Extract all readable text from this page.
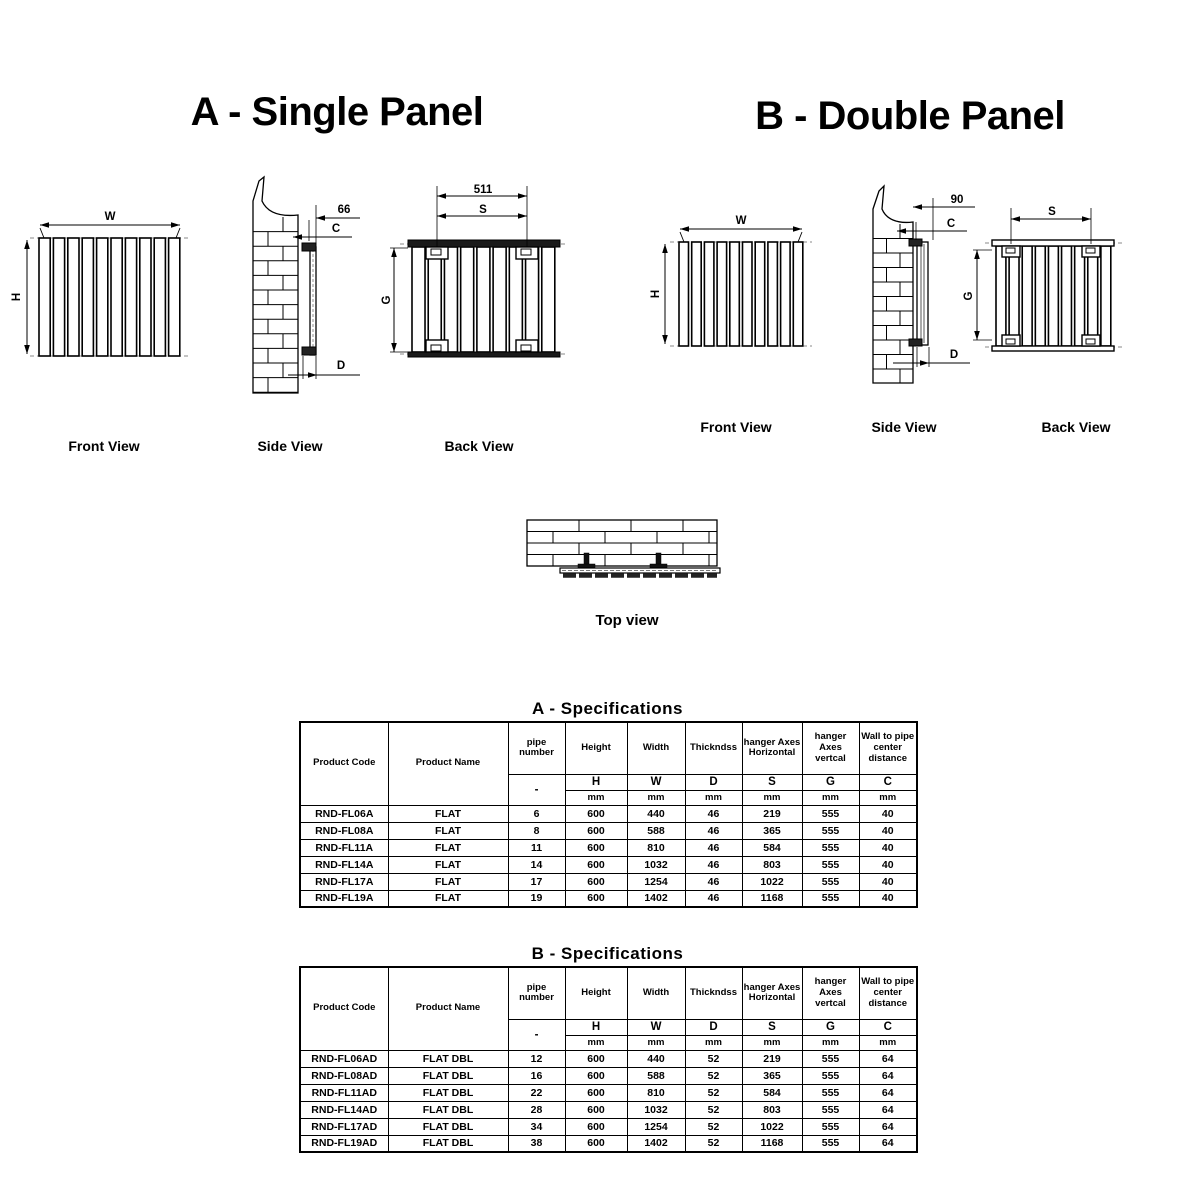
A - Single Panel	B - Double Panel
W
H
66
C
D
511
S
G
Front View	Side View	Back View
W
H
90
C
D
S
G
Front View	Side View	Back View
Top view
A - Specifications
Product Code	Product Name	pipe number	Height	Width	Thickndss	hanger Axes Horizontal	hanger Axes vertcal	Wall to pipe center distance
		-	H	W	D	S	G	C
			mm	mm	mm	mm	mm	mm
RND-FL06A	FLAT	6	600	440	46	219	555	40
RND-FL08A	FLAT	8	600	588	46	365	555	40
RND-FL11A	FLAT	11	600	810	46	584	555	40
RND-FL14A	FLAT	14	600	1032	46	803	555	40
RND-FL17A	FLAT	17	600	1254	46	1022	555	40
RND-FL19A	FLAT	19	600	1402	46	1168	555	40
B - Specifications
Product Code	Product Name	pipe number	Height	Width	Thickndss	hanger Axes Horizontal	hanger Axes vertcal	Wall to pipe center distance
		-	H	W	D	S	G	C
			mm	mm	mm	mm	mm	mm
RND-FL06AD	FLAT DBL	12	600	440	52	219	555	64
RND-FL08AD	FLAT DBL	16	600	588	52	365	555	64
RND-FL11AD	FLAT DBL	22	600	810	52	584	555	64
RND-FL14AD	FLAT DBL	28	600	1032	52	803	555	64
RND-FL17AD	FLAT DBL	34	600	1254	52	1022	555	64
RND-FL19AD	FLAT DBL	38	600	1402	52	1168	555	64
